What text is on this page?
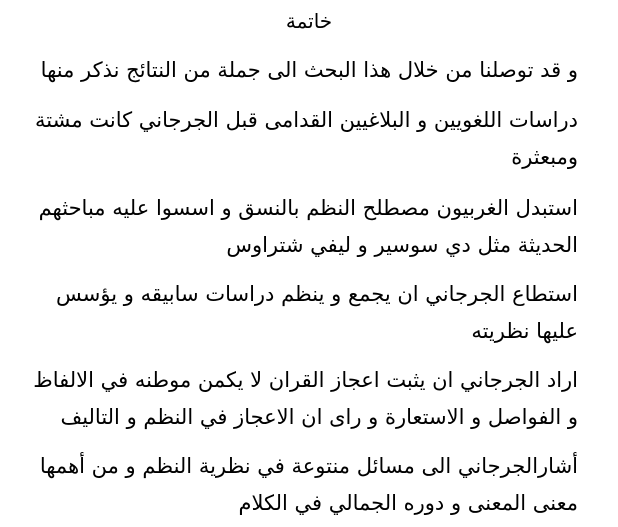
خاتمة

و قد توصلنا من خلال هذا البحث الى جملة من النتائج نذكر منها

دراسات اللغويين و البلاغيين القدامى قبل الجرجاني كانت مشتة
ومبعثرة

استبدل الغربيون مصطلح النظم بالنسق و اسسوا عليه مباحثهم
الحديثة مثل دي سوسير و ليفي شتراوس

استطاع الجرجاني ان يجمع و ينظم دراسات سابيقه و يؤسس
عليها نظريته

اراد الجرجاني ان يثبت اعجاز القران لا يكمن موطنه في الالفاظ
و الفواصل و الاستعارة و راى ان الاعجاز في النظم و التاليف

أشارالجرجاني الى مسائل منتوعة في نظرية النظم و من أهمها
معنى المعنى و دوره الجمالي في الكلام
